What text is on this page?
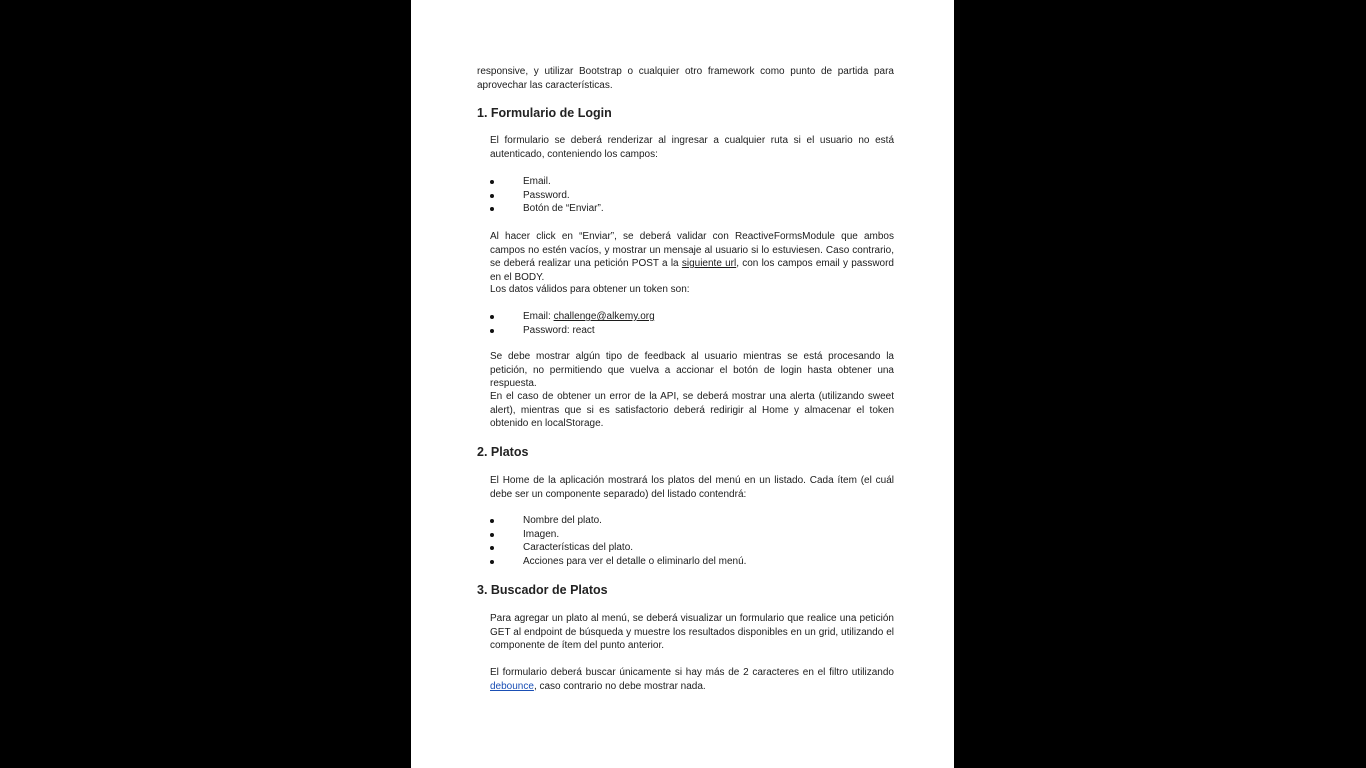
responsive, y utilizar Bootstrap o cualquier otro framework como punto de partida para aprovechar las características.
1. Formulario de Login
El formulario se deberá renderizar al ingresar a cualquier ruta si el usuario no está autenticado, conteniendo los campos:
Email.
Password.
Botón de “Enviar”.
Al hacer click en “Enviar”, se deberá validar con ReactiveFormsModule que ambos campos no estén vacíos, y mostrar un mensaje al usuario si lo estuviesen. Caso contrario, se deberá realizar una petición POST a la siguiente url, con los campos email y password en el BODY.
Los datos válidos para obtener un token son:
Email: challenge@alkemy.org
Password: react
Se debe mostrar algún tipo de feedback al usuario mientras se está procesando la petición, no permitiendo que vuelva a accionar el botón de login hasta obtener una respuesta.
En el caso de obtener un error de la API, se deberá mostrar una alerta (utilizando sweet alert), mientras que si es satisfactorio deberá redirigir al Home y almacenar el token obtenido en localStorage.
2. Platos
El Home de la aplicación mostrará los platos del menú en un listado. Cada ítem (el cuál debe ser un componente separado) del listado contendrá:
Nombre del plato.
Imagen.
Características del plato.
Acciones para ver el detalle o eliminarlo del menú.
3. Buscador de Platos
Para agregar un plato al menú, se deberá visualizar un formulario que realice una petición GET al endpoint de búsqueda y muestre los resultados disponibles en un grid, utilizando el componente de ítem del punto anterior.
El formulario deberá buscar únicamente si hay más de 2 caracteres en el filtro utilizando debounce, caso contrario no debe mostrar nada.
